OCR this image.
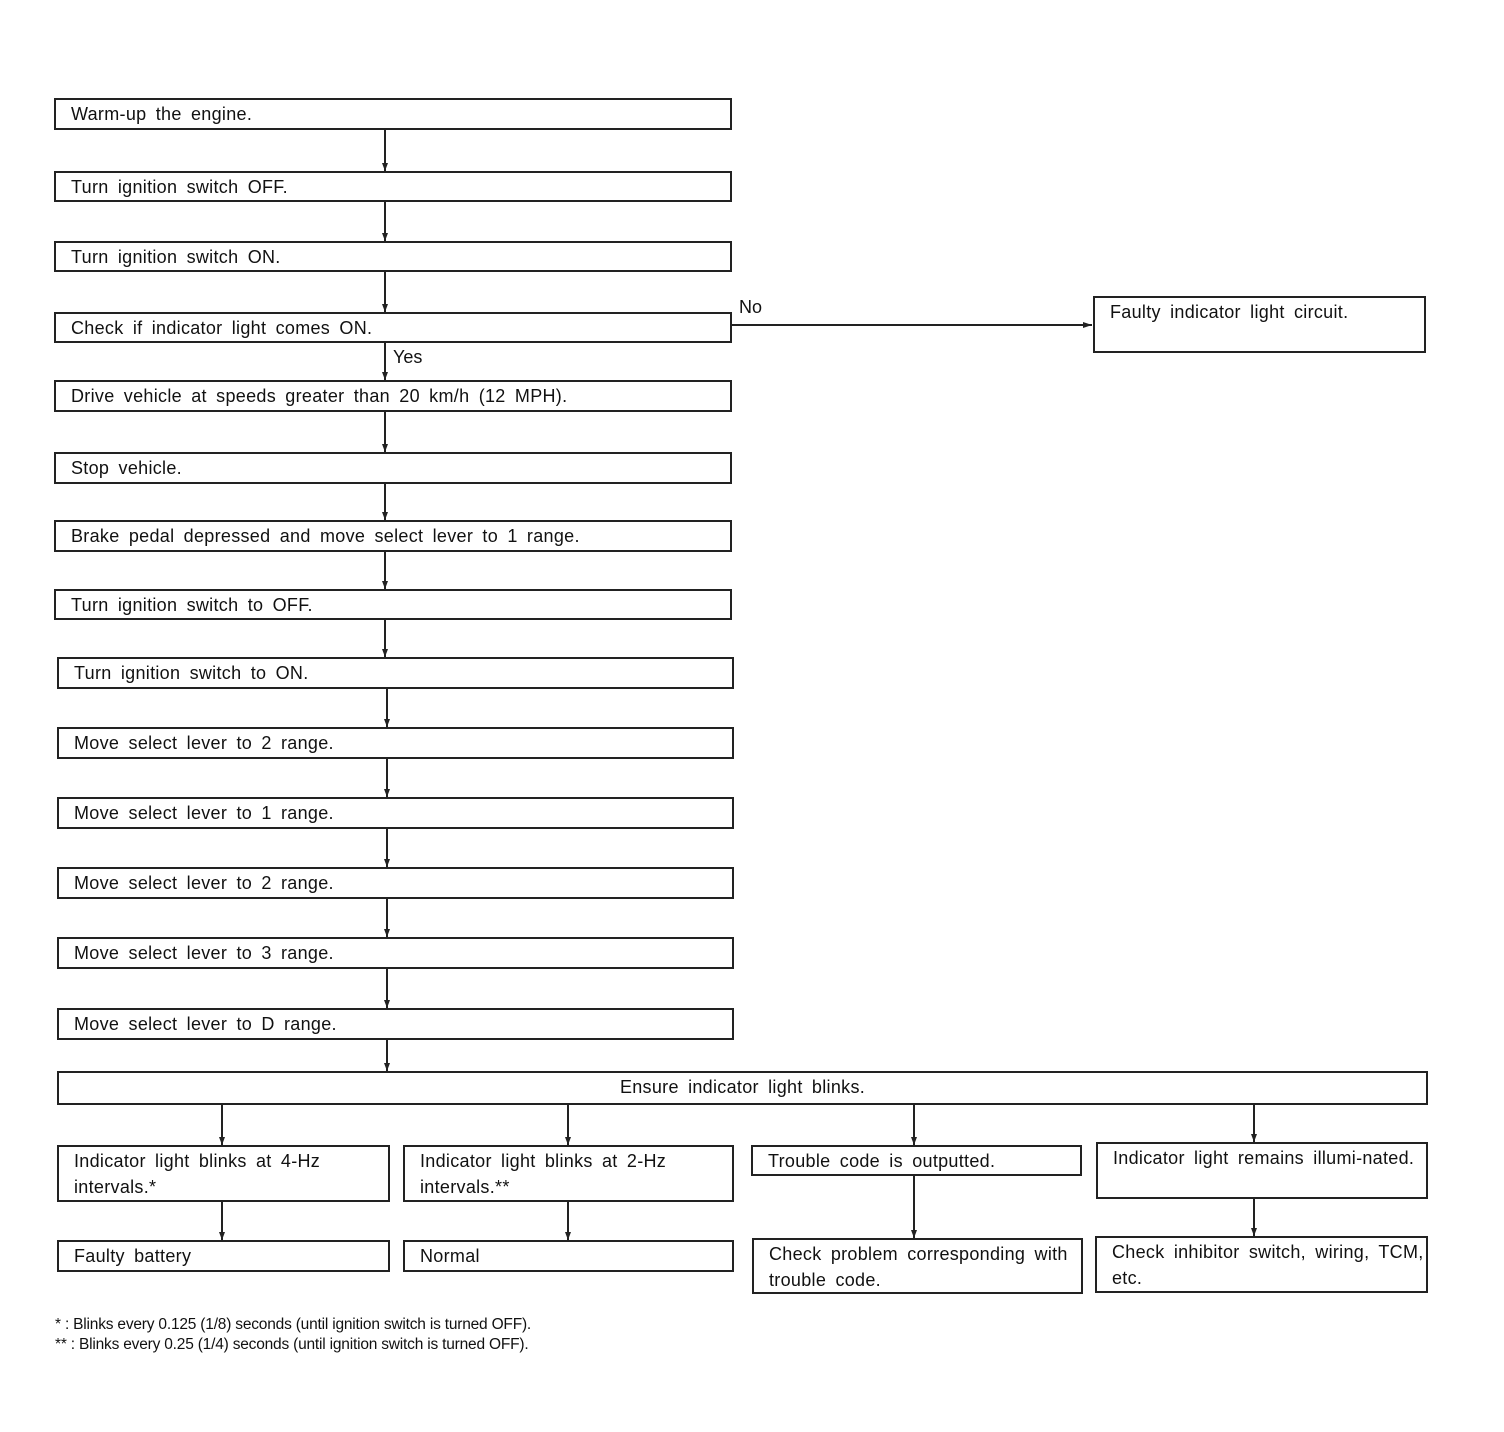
No
Yes
* : Blinks every 0.125 (1/8) seconds (until ignition switch is turned OFF).
** : Blinks every 0.25 (1/4) seconds (until ignition switch is turned OFF).
Warm-up the engine.
Turn ignition switch OFF.
Turn ignition switch ON.
Check if indicator light comes ON.
Drive vehicle at speeds greater than 20 km/h (12 MPH).
Stop vehicle.
Brake pedal depressed and move select lever to 1 range.
Turn ignition switch to OFF.
Turn ignition switch to ON.
Move select lever to 2 range.
Move select lever to 1 range.
Move select lever to 2 range.
Move select lever to 3 range.
Move select lever to D range.
Faulty indicator light circuit.
Ensure indicator light blinks.
Indicator light blinks at 4-Hz intervals.*
Faulty battery
Indicator light blinks at 2-Hz intervals.**
Normal
Trouble code is outputted.
Check problem corresponding with trouble code.
Indicator light remains illumi-nated.
Check inhibitor switch, wiring, TCM, etc.
